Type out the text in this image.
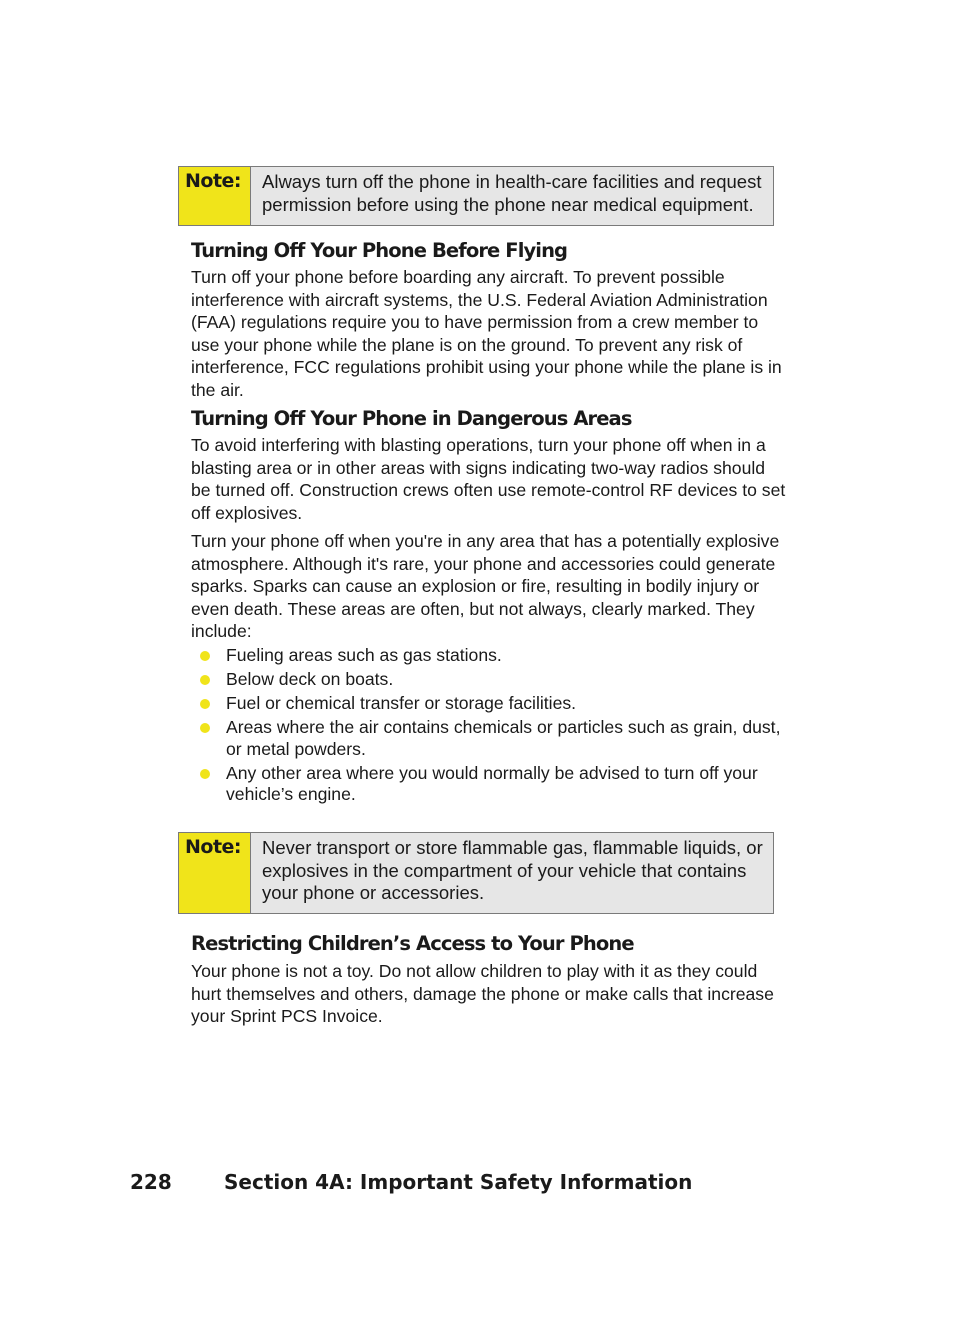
Note:	Always turn off the phone in health-care facilities and request permission before using the phone near medical equipment.
Turning Off Your Phone Before Flying

Turn off your phone before boarding any aircraft. To prevent possible interference with aircraft systems, the U.S. Federal Aviation Administration (FAA) regulations require you to have permission from a crew member to use your phone while the plane is on the ground. To prevent any risk of interference, FCC regulations prohibit using your phone while the plane is in the air.

Turning Off Your Phone in Dangerous Areas

To avoid interfering with blasting operations, turn your phone off when in a blasting area or in other areas with signs indicating two-way radios should be turned off. Construction crews often use remote-control RF devices to set off explosives.

Turn your phone off when you're in any area that has a potentially explosive atmosphere. Although it's rare, your phone and accessories could generate sparks. Sparks can cause an explosion or fire, resulting in bodily injury or even death. These areas are often, but not always, clearly marked. They include:

Fueling areas such as gas stations.
Below deck on boats.
Fuel or chemical transfer or storage facilities.
Areas where the air contains chemicals or particles such as grain, dust, or metal powders.
Any other area where you would normally be advised to turn off your vehicle’s engine.
Note:	Never transport or store flammable gas, flammable liquids, or explosives in the compartment of your vehicle that contains your phone or accessories.
Restricting Children’s Access to Your Phone

Your phone is not a toy. Do not allow children to play with it as they could hurt themselves and others, damage the phone or make calls that increase your Sprint PCS Invoice.

228	Section 4A: Important Safety Information
